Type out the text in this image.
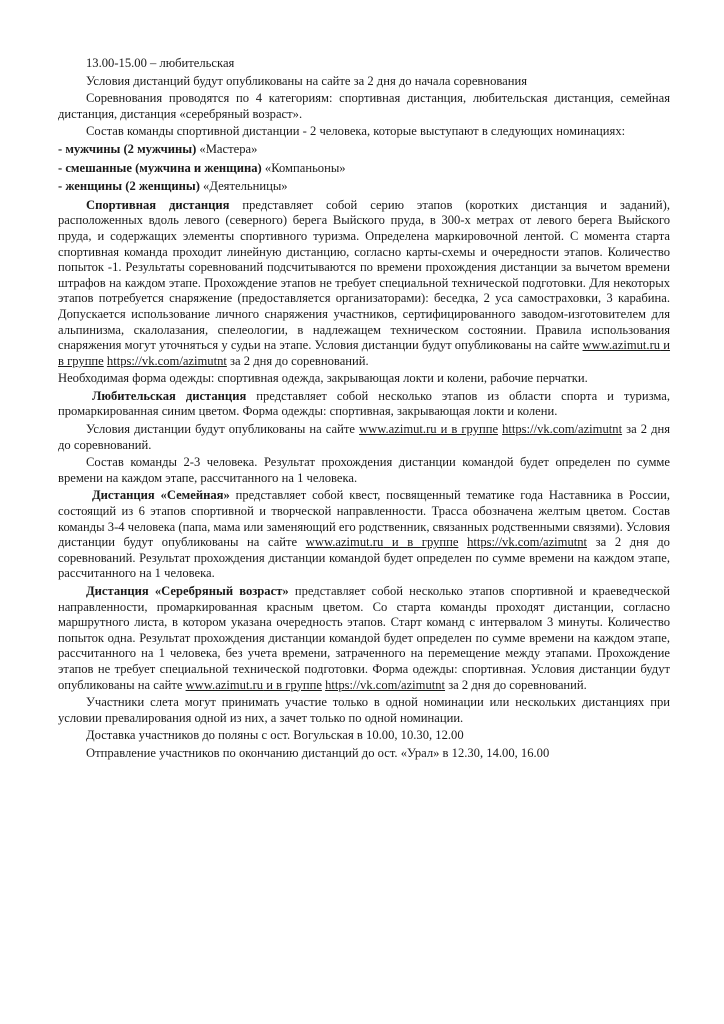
13.00-15.00 – любительская

Условия дистанций будут опубликованы на сайте за 2 дня до начала соревнования

Соревнования проводятся по 4 категориям: спортивная дистанция, любительская дистанция, семейная дистанция, дистанция «серебряный возраст».

Состав команды спортивной дистанции - 2 человека, которые выступают в следующих номинациях:

- мужчины (2 мужчины) «Мастера»
- смешанные (мужчина и женщина) «Компаньоны»
- женщины (2 женщины) «Деятельницы»

Спортивная дистанция представляет собой серию этапов (коротких дистанция и заданий), расположенных вдоль левого (северного) берега Выйского пруда, в 300-х метрах от левого берега Выйского пруда, и содержащих элементы спортивного туризма. Определена маркировочной лентой. С момента старта спортивная команда проходит линейную дистанцию, согласно карты-схемы и очередности этапов. Количество попыток -1. Результаты соревнований подсчитываются по времени прохождения дистанции за вычетом времени штрафов на каждом этапе. Прохождение этапов не требует специальной технической подготовки. Для некоторых этапов потребуется снаряжение (предоставляется организаторами): беседка, 2 уса самостраховки, 3 карабина. Допускается использование личного снаряжения участников, сертифицированного заводом-изготовителем для альпинизма, скалолазания, спелеологии, в надлежащем техническом состоянии. Правила использования снаряжения могут уточняться у судьи на этапе. Условия дистанции будут опубликованы на сайте www.azimut.ru и в группе https://vk.com/azimutnt за 2 дня до соревнований.

Необходимая форма одежды: спортивная одежда, закрывающая локти и колени, рабочие перчатки.

Любительская дистанция представляет собой несколько этапов из области спорта и туризма, промаркированная синим цветом. Форма одежды: спортивная, закрывающая локти и колени.

Условия дистанции будут опубликованы на сайте www.azimut.ru и в группе https://vk.com/azimutnt за 2 дня до соревнований.

Состав команды 2-3 человека. Результат прохождения дистанции командой будет определен по сумме времени на каждом этапе, рассчитанного на 1 человека.

Дистанция «Семейная» представляет собой квест, посвященный тематике года Наставника в России, состоящий из 6 этапов спортивной и творческой направленности. Трасса обозначена желтым цветом. Состав команды 3-4 человека (папа, мама или заменяющий его родственник, связанных родственными связями). Условия дистанции будут опубликованы на сайте www.azimut.ru и в группе https://vk.com/azimutnt за 2 дня до соревнований. Результат прохождения дистанции командой будет определен по сумме времени на каждом этапе, рассчитанного на 1 человека.

Дистанция «Серебряный возраст» представляет собой несколько этапов спортивной и краеведческой направленности, промаркированная красным цветом. Со старта команды проходят дистанции, согласно маршрутного листа, в котором указана очередность этапов. Старт команд с интервалом 3 минуты. Количество попыток одна. Результат прохождения дистанции командой будет определен по сумме времени на каждом этапе, рассчитанного на 1 человека, без учета времени, затраченного на перемещение между этапами. Прохождение этапов не требует специальной технической подготовки. Форма одежды: спортивная. Условия дистанции будут опубликованы на сайте www.azimut.ru и в группе https://vk.com/azimutnt за 2 дня до соревнований.

Участники слета могут принимать участие только в одной номинации или нескольких дистанциях при условии превалирования одной из них, а зачет только по одной номинации.

Доставка участников до поляны с ост. Вогульская в 10.00, 10.30, 12.00

Отправление участников по окончанию дистанций до ост. «Урал» в 12.30, 14.00, 16.00
